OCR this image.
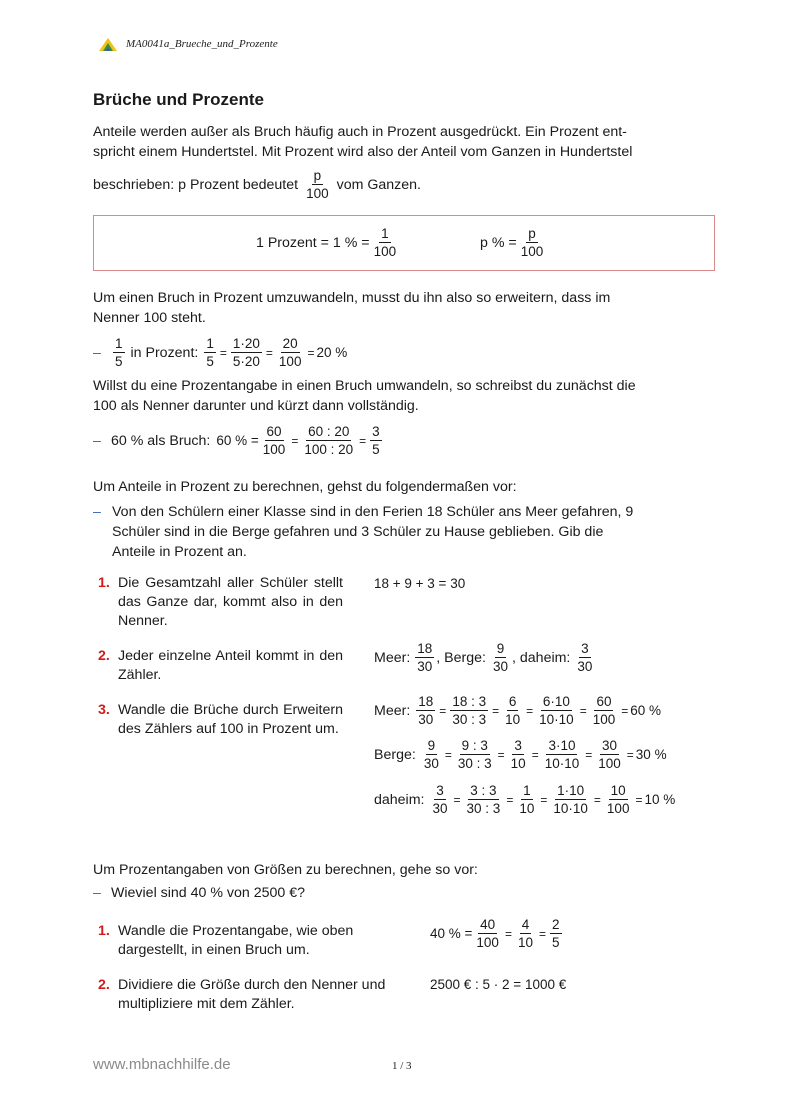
MA0041a_Brueche_und_Prozente
Brüche und Prozente
Anteile werden außer als Bruch häufig auch in Prozent ausgedrückt. Ein Prozent ent-
spricht einem Hundertstel. Mit Prozent wird also der Anteil vom Ganzen in Hundertstel
beschrieben: p Prozent bedeutet
p
100
vom Ganzen.
1 Prozent = 1 % = $\frac{1}{100}$	p % = $\frac{p}{100}$
Um einen Bruch in Prozent umzuwandeln, musst du ihn also so erweitern, dass im
Nenner 100 steht.
–
1
5
in Prozent: $\frac{1}{5} = \frac{1\cdot 20}{5\cdot 20} = \frac{20}{100} = 20$ %
Willst du eine Prozentangabe in einen Bruch umwandeln, so schreibst du zunächst die
100 als Nenner darunter und kürzt dann vollständig.
– 60 % als Bruch: 60 % = $\frac{60}{100} = \frac{60 : 20}{100 : 20} = \frac{3}{5}$
Um Anteile in Prozent zu berechnen, gehst du folgendermaßen vor:
– Von den Schülern einer Klasse sind in den Ferien 18 Schüler ans Meer gefahren, 9
Schüler sind in die Berge gefahren und 3 Schüler zu Hause geblieben. Gib die
Anteile in Prozent an.
1. Die Gesamtzahl aller Schüler stellt das Ganze dar, kommt also in den Nenner.
2. Jeder einzelne Anteil kommt in den Zähler.
3. Wandle die Brüche durch Erweitern des Zählers auf 100 in Prozent um.
18 + 9 + 3 = 30
Meer:
18
30
, Berge:
9
30
, daheim:
3
30
Meer: $\frac{18}{30} = \frac{18 : 3}{30 : 3} = \frac{6}{10} = \frac{6\cdot 10}{10\cdot 10} = \frac{60}{100} = 60$ %
Berge: $\frac{9}{30} = \frac{9 : 3}{30 : 3} = \frac{3}{10} = \frac{3\cdot 10}{10\cdot 10} = \frac{30}{100} = 30$ %
daheim: $\frac{3}{30} = \frac{3 : 3}{30 : 3} = \frac{1}{10} = \frac{1\cdot 10}{10\cdot 10} = \frac{10}{100} = 10$ %
Um Prozentangaben von Größen zu berechnen, gehe so vor:
– Wieviel sind 40 % von 2500 €?
1. Wandle die Prozentangabe, wie oben dargestellt, in einen Bruch um.
2. Dividiere die Größe durch den Nenner und multipliziere mit dem Zähler.
40 % = $\frac{40}{100} = \frac{4}{10} = \frac{2}{5}$
2500 € : 5 · 2 = 1000 €
www.mbnachhilfe.de	1 / 3
